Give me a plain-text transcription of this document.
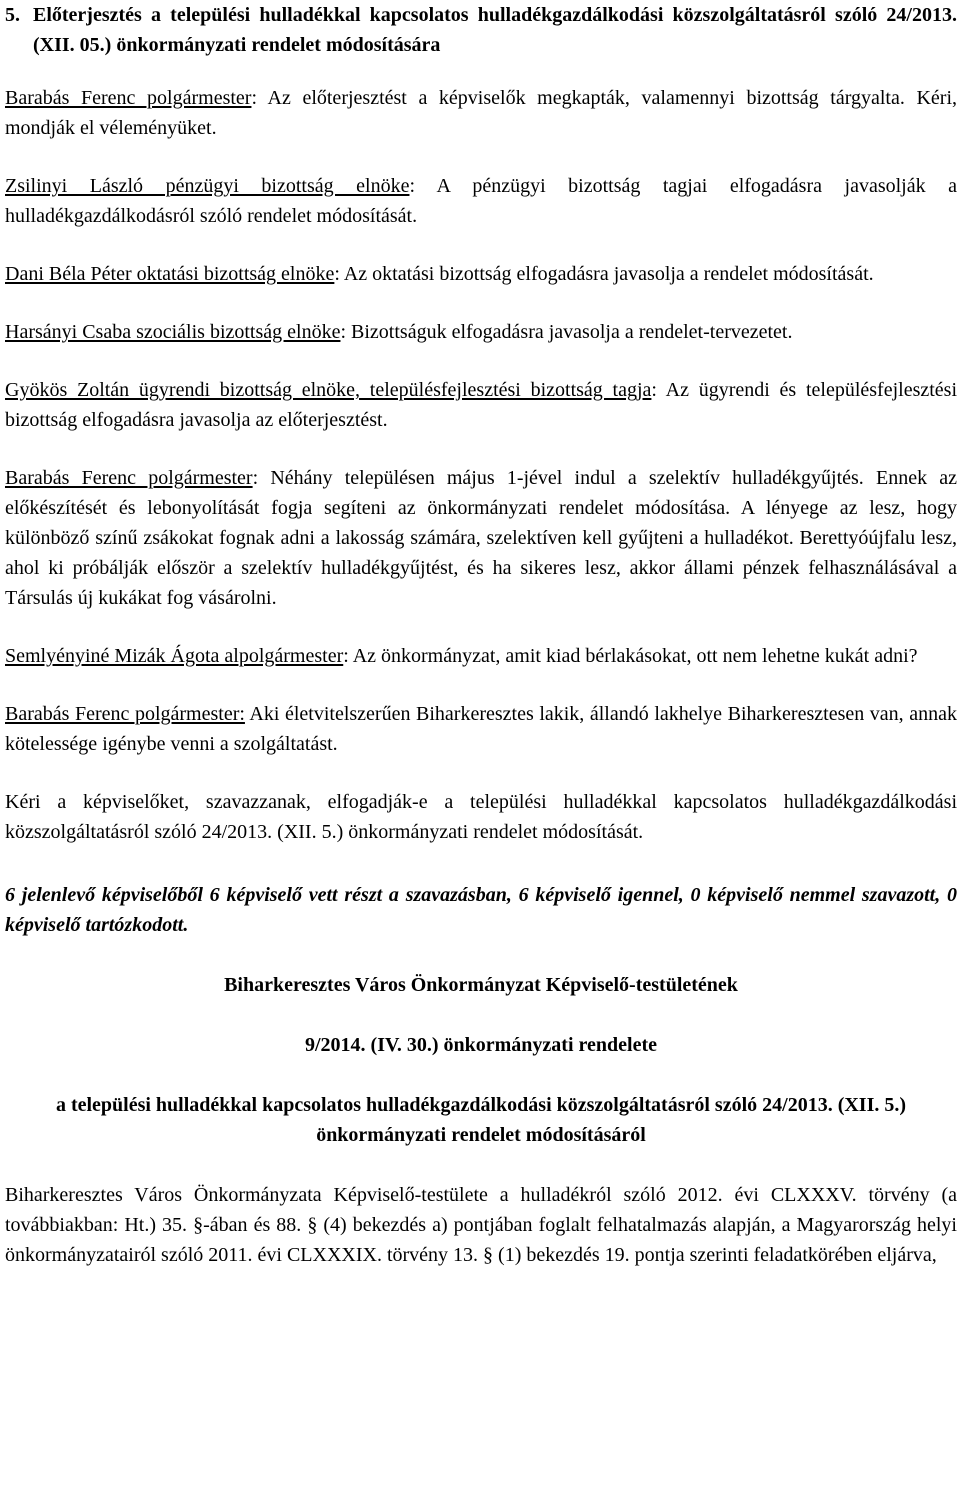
5. Előterjesztés a települési hulladékkal kapcsolatos hulladékgazdálkodási közszolgáltatásról szóló 24/2013. (XII. 05.) önkormányzati rendelet módosítására

Barabás Ferenc polgármester: Az előterjesztést a képviselők megkapták, valamennyi bizottság tárgyalta. Kéri, mondják el véleményüket.

Zsilinyi László pénzügyi bizottság elnöke: A pénzügyi bizottság tagjai elfogadásra javasolják a hulladékgazdálkodásról szóló rendelet módosítását.

Dani Béla Péter oktatási bizottság elnöke: Az oktatási bizottság elfogadásra javasolja a rendelet módosítását.

Harsányi Csaba szociális bizottság elnöke: Bizottságuk elfogadásra javasolja a rendelet-tervezetet.

Gyökös Zoltán ügyrendi bizottság elnöke, településfejlesztési bizottság tagja: Az ügyrendi és településfejlesztési bizottság elfogadásra javasolja az előterjesztést.

Barabás Ferenc polgármester: Néhány településen május 1-jével indul a szelektív hulladékgyűjtés. Ennek az előkészítését és lebonyolítását fogja segíteni az önkormányzati rendelet módosítása. A lényege az lesz, hogy különböző színű zsákokat fognak adni a lakosság számára, szelektíven kell gyűjteni a hulladékot. Berettyóújfalu lesz, ahol ki próbálják először a szelektív hulladékgyűjtést, és ha sikeres lesz, akkor állami pénzek felhasználásával a Társulás új kukákat fog vásárolni.

Semlyényiné Mizák Ágota alpolgármester: Az önkormányzat, amit kiad bérlakásokat, ott nem lehetne kukát adni?

Barabás Ferenc polgármester: Aki életvitelszerűen Biharkeresztes lakik, állandó lakhelye Biharkeresztesen van, annak kötelessége igénybe venni a szolgáltatást.

Kéri a képviselőket, szavazzanak, elfogadják-e a települési hulladékkal kapcsolatos hulladékgazdálkodási közszolgáltatásról szóló 24/2013. (XII. 5.) önkormányzati rendelet módosítását.

6 jelenlevő képviselőből 6 képviselő vett részt a szavazásban, 6 képviselő igennel, 0 képviselő nemmel szavazott, 0 képviselő tartózkodott.

Biharkeresztes Város Önkormányzat Képviselő-testületének

9/2014. (IV. 30.) önkormányzati rendelete

a települési hulladékkal kapcsolatos hulladékgazdálkodási közszolgáltatásról szóló 24/2013. (XII. 5.) önkormányzati rendelet módosításáról

Biharkeresztes Város Önkormányzata Képviselő-testülete a hulladékról szóló 2012. évi CLXXXV. törvény (a továbbiakban: Ht.) 35. §-ában és 88. § (4) bekezdés a) pontjában foglalt felhatalmazás alapján, a Magyarország helyi önkormányzatairól szóló 2011. évi CLXXXIX. törvény 13. § (1) bekezdés 19. pontja szerinti feladatkörében eljárva,
